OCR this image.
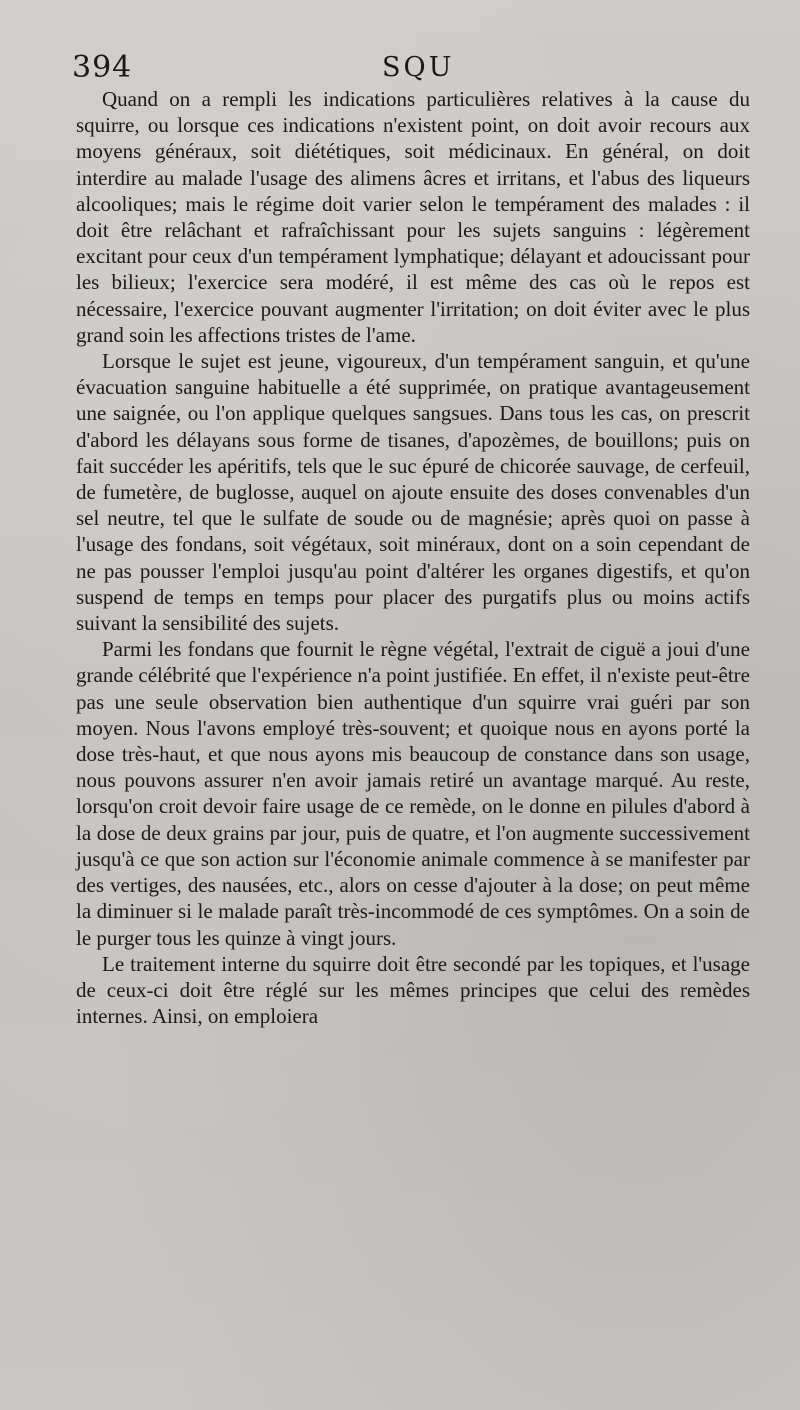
394	SQU

Quand on a rempli les indications particulières relatives à la cause du squirre, ou lorsque ces indications n'existent point, on doit avoir recours aux moyens généraux, soit diététiques, soit médicinaux. En général, on doit interdire au malade l'usage des alimens âcres et irritans, et l'abus des liqueurs alcooliques; mais le régime doit varier selon le tempérament des malades : il doit être relâchant et rafraîchissant pour les sujets sanguins : légèrement excitant pour ceux d'un tempérament lymphatique; délayant et adoucissant pour les bilieux; l'exercice sera modéré, il est même des cas où le repos est nécessaire, l'exercice pouvant augmenter l'irritation; on doit éviter avec le plus grand soin les affections tristes de l'ame.

Lorsque le sujet est jeune, vigoureux, d'un tempérament sanguin, et qu'une évacuation sanguine habituelle a été supprimée, on pratique avantageusement une saignée, ou l'on applique quelques sangsues. Dans tous les cas, on prescrit d'abord les délayans sous forme de tisanes, d'apozèmes, de bouillons; puis on fait succéder les apéritifs, tels que le suc épuré de chicorée sauvage, de cerfeuil, de fumetère, de buglosse, auquel on ajoute ensuite des doses convenables d'un sel neutre, tel que le sulfate de soude ou de magnésie; après quoi on passe à l'usage des fondans, soit végétaux, soit minéraux, dont on a soin cependant de ne pas pousser l'emploi jusqu'au point d'altérer les organes digestifs, et qu'on suspend de temps en temps pour placer des purgatifs plus ou moins actifs suivant la sensibilité des sujets.

Parmi les fondans que fournit le règne végétal, l'extrait de ciguë a joui d'une grande célébrité que l'expérience n'a point justifiée. En effet, il n'existe peut-être pas une seule observation bien authentique d'un squirre vrai guéri par son moyen. Nous l'avons employé très-souvent; et quoique nous en ayons porté la dose très-haut, et que nous ayons mis beaucoup de constance dans son usage, nous pouvons assurer n'en avoir jamais retiré un avantage marqué. Au reste, lorsqu'on croit devoir faire usage de ce remède, on le donne en pilules d'abord à la dose de deux grains par jour, puis de quatre, et l'on augmente successivement jusqu'à ce que son action sur l'économie animale commence à se manifester par des vertiges, des nausées, etc., alors on cesse d'ajouter à la dose; on peut même la diminuer si le malade paraît très-incommodé de ces symptômes. On a soin de le purger tous les quinze à vingt jours.

Le traitement interne du squirre doit être secondé par les topiques, et l'usage de ceux-ci doit être réglé sur les mêmes principes que celui des remèdes internes. Ainsi, on emploiera
